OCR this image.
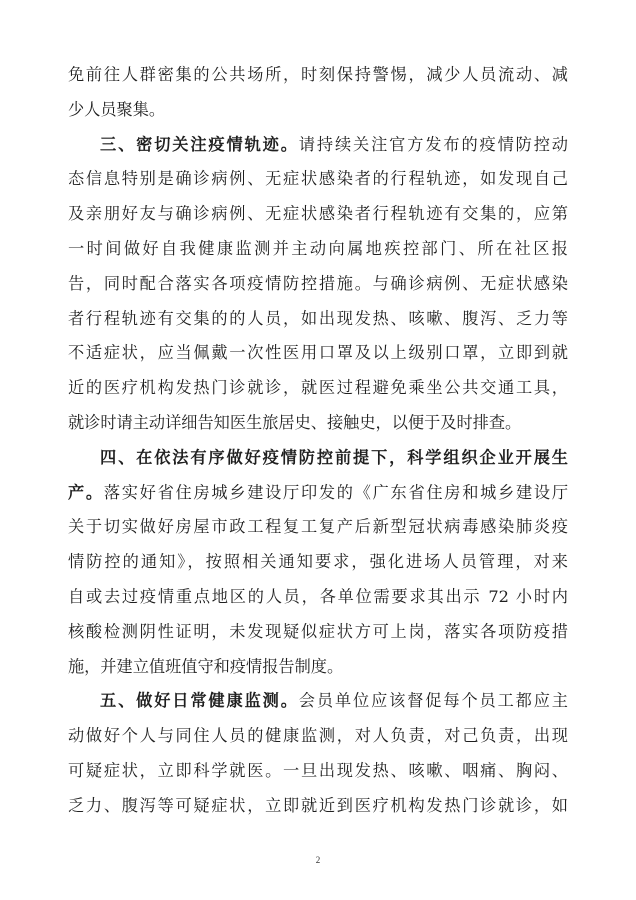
免前往人群密集的公共场所，时刻保持警惕，减少人员流动、减
少人员聚集。
三、密切关注疫情轨迹。请持续关注官方发布的疫情防控动
态信息特别是确诊病例、无症状感染者的行程轨迹，如发现自己
及亲朋好友与确诊病例、无症状感染者行程轨迹有交集的，应第
一时间做好自我健康监测并主动向属地疾控部门、所在社区报
告，同时配合落实各项疫情防控措施。与确诊病例、无症状感染
者行程轨迹有交集的的人员，如出现发热、咳嗽、腹泻、乏力等
不适症状，应当佩戴一次性医用口罩及以上级别口罩，立即到就
近的医疗机构发热门诊就诊，就医过程避免乘坐公共交通工具，
就诊时请主动详细告知医生旅居史、接触史，以便于及时排查。
四、在依法有序做好疫情防控前提下，科学组织企业开展生
产。落实好省住房城乡建设厅印发的《广东省住房和城乡建设厅
关于切实做好房屋市政工程复工复产后新型冠状病毒感染肺炎疫
情防控的通知》，按照相关通知要求，强化进场人员管理，对来
自或去过疫情重点地区的人员，各单位需要求其出示 72 小时内
核酸检测阴性证明，未发现疑似症状方可上岗，落实各项防疫措
施，并建立值班值守和疫情报告制度。
五、做好日常健康监测。会员单位应该督促每个员工都应主
动做好个人与同住人员的健康监测，对人负责，对己负责，出现
可疑症状，立即科学就医。一旦出现发热、咳嗽、咽痛、胸闷、
乏力、腹泻等可疑症状，立即就近到医疗机构发热门诊就诊，如
2
